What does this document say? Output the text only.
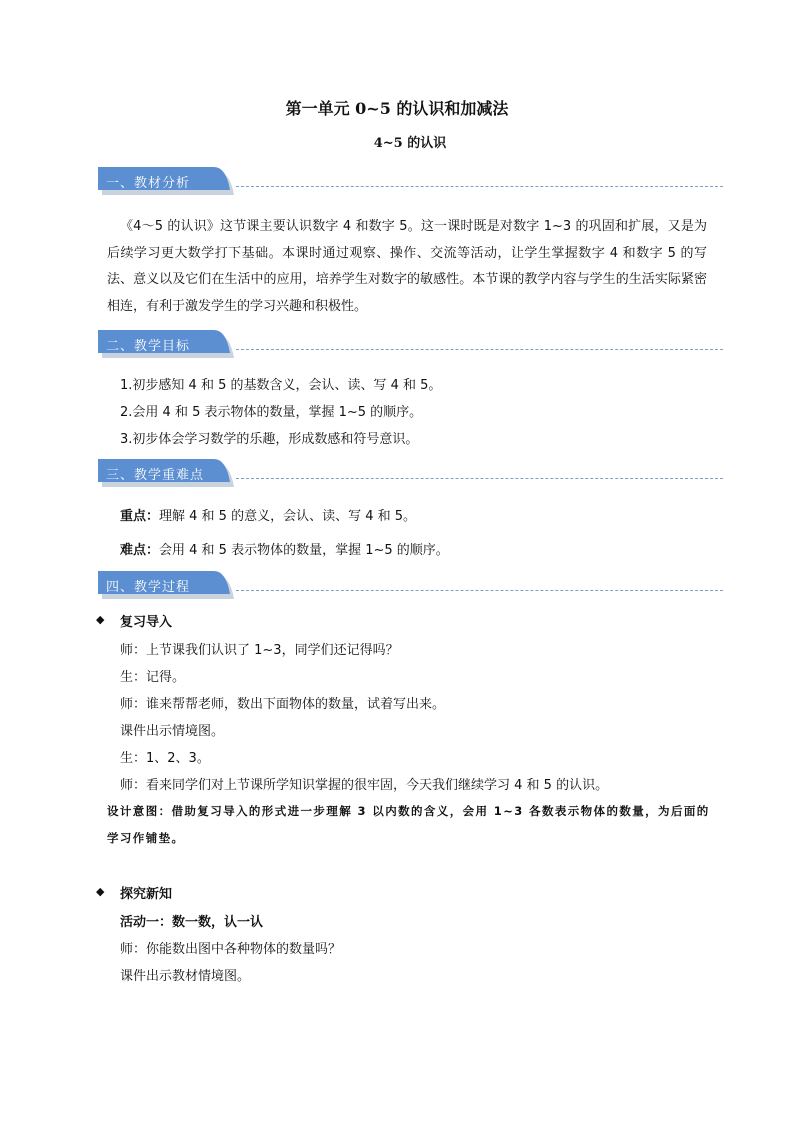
第一单元 0~5 的认识和加减法
4~5 的认识
一、教材分析
《4～5 的认识》这节课主要认识数字 4 和数字 5。这一课时既是对数字 1~3 的巩固和扩展，又是为后续学习更大数学打下基础。本课时通过观察、操作、交流等活动，让学生掌握数字 4 和数字 5 的写法、意义以及它们在生活中的应用，培养学生对数字的敏感性。本节课的教学内容与学生的生活实际紧密相连，有利于激发学生的学习兴趣和积极性。
二、教学目标
1.初步感知 4 和 5 的基数含义，会认、读、写 4 和 5。
2.会用 4 和 5 表示物体的数量，掌握 1~5 的顺序。
3.初步体会学习数学的乐趣，形成数感和符号意识。
三、教学重难点
重点：理解 4 和 5 的意义，会认、读、写 4 和 5。
难点：会用 4 和 5 表示物体的数量，掌握 1~5 的顺序。
四、教学过程
◆ 复习导入
师：上节课我们认识了 1~3，同学们还记得吗？
生：记得。
师：谁来帮帮老师，数出下面物体的数量，试着写出来。
课件出示情境图。
生：1、2、3。
师：看来同学们对上节课所学知识掌握的很牢固，今天我们继续学习 4 和 5 的认识。
设计意图：借助复习导入的形式进一步理解 3 以内数的含义，会用 1~3 各数表示物体的数量，为后面的学习作铺垫。
◆ 探究新知
活动一：数一数，认一认
师：你能数出图中各种物体的数量吗？
课件出示教材情境图。
